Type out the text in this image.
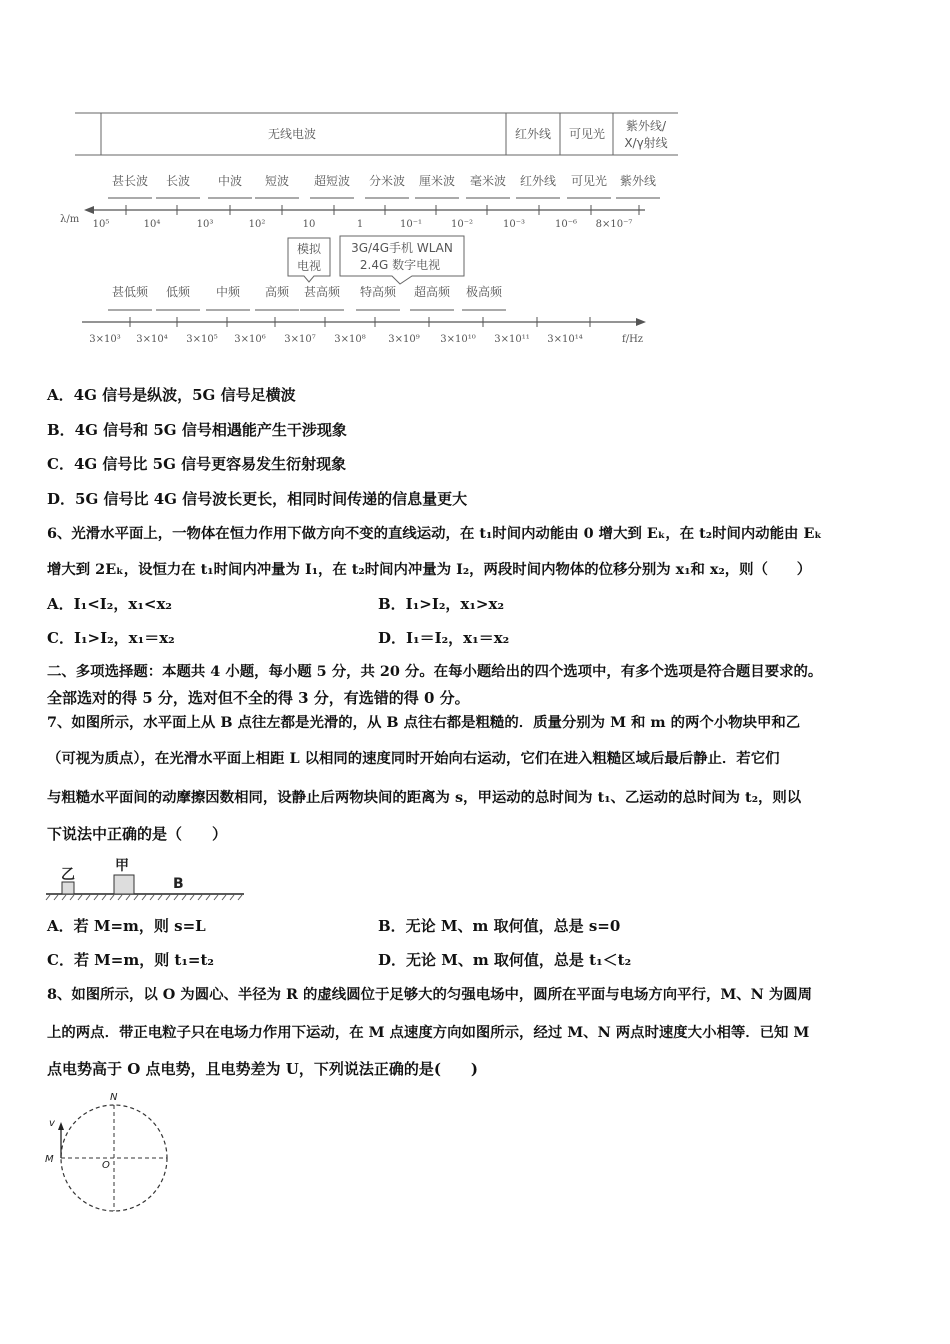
无线电波	红外线 可见光
紫外线/
X/γ射线
甚长波 长波 中波 短波 超短波 分米波 厘米波 毫米波 红外线 可见光 紫外线
λ/m 10⁵	10⁴	10³	10²	10	1	10⁻¹	10⁻²	10⁻³	10⁻⁶ 8×10⁻⁷
模拟
电视
3G/4G手机 WLAN
2.4G 数字电视
甚低频 低频 中频 高频 甚高频 特高频 超高频 极高频
f/Hz
3×10³ 3×10⁴ 3×10⁵ 3×10⁶ 3×10⁷ 3×10⁸ 3×10⁹ 3×10¹⁰ 3×10¹¹ 3×10¹⁴
A．4G 信号是纵波，5G 信号足横波
B．4G 信号和 5G 信号相遇能产生干涉现象
C．4G 信号比 5G 信号更容易发生衍射现象
D．5G 信号比 4G 信号波长更长，相同时间传递的信息量更大
6、光滑水平面上，一物体在恒力作用下做方向不变的直线运动，在 t₁时间内动能由 0 增大到 Eₖ，在 t₂时间内动能由 Eₖ
增大到 2Eₖ，设恒力在 t₁时间内冲量为 I₁，在 t₂时间内冲量为 I₂，两段时间内物体的位移分别为 x₁和 x₂，则（　　）
A．I₁<I₂，x₁<x₂	B．I₁>I₂，x₁>x₂
C．I₁>I₂，x₁＝x₂	D．I₁＝I₂，x₁＝x₂
二、多项选择题：本题共 4 小题，每小题 5 分，共 20 分。在每小题给出的四个选项中，有多个选项是符合题目要求的。
全部选对的得 5 分，选对但不全的得 3 分，有选错的得 0 分。
7、如图所示，水平面上从 B 点往左都是光滑的，从 B 点往右都是粗糙的．质量分别为 M 和 m 的两个小物块甲和乙
（可视为质点），在光滑水平面上相距 L 以相同的速度同时开始向右运动，它们在进入粗糙区域后最后静止．若它们
与粗糙水平面间的动摩擦因数相同，设静止后两物块间的距离为 s，甲运动的总时间为 t₁、乙运动的总时间为 t₂，则以
下说法中正确的是（　　）
乙
甲
B
A．若 M=m，则 s=L	B．无论 M、m 取何值，总是 s=0
C．若 M=m，则 t₁=t₂	D．无论 M、m 取何值，总是 t₁＜t₂
8、如图所示，以 O 为圆心、半径为 R 的虚线圆位于足够大的匀强电场中，圆所在平面与电场方向平行，M、N 为圆周
上的两点．带正电粒子只在电场力作用下运动，在 M 点速度方向如图所示，经过 M、N 两点时速度大小相等．已知 M
点电势高于 O 点电势，且电势差为 U，下列说法正确的是(　　)
N
M
O
v
